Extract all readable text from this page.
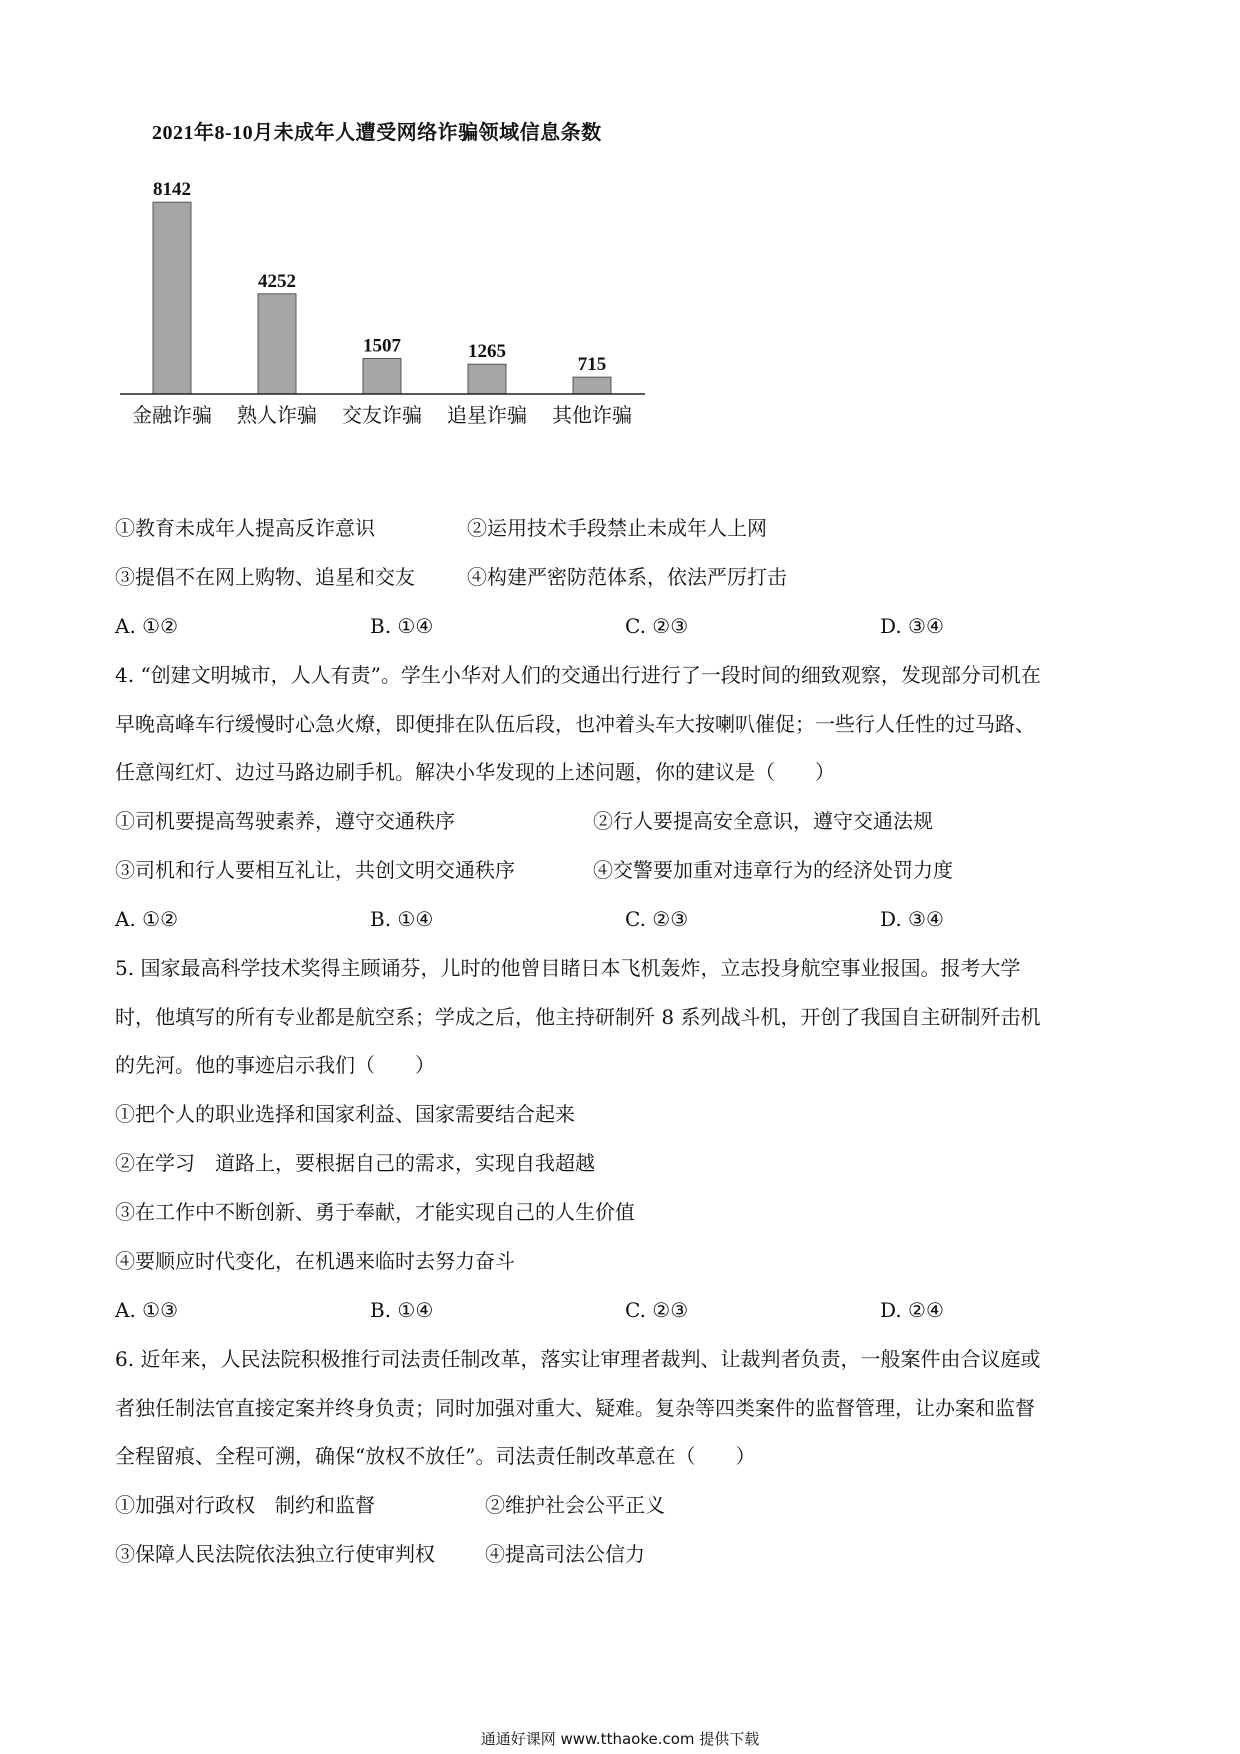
2021年8-10月未成年人遭受网络诈骗领域信息条数
8142
金融诈骗
4252
熟人诈骗
1507
交友诈骗
1265
追星诈骗
715
其他诈骗
①教育未成年人提高反诈意识	②运用技术手段禁止未成年人上网
③提倡不在网上购物、追星和交友	④构建严密防范体系，依法严厉打击
A. ①②	B. ①④	C. ②③	D. ③④
4. “创建文明城市，人人有责”。学生小华对人们的交通出行进行了一段时间的细致观察，发现部分司机在
早晚高峰车行缓慢时心急火燎，即便排在队伍后段，也冲着头车大按喇叭催促；一些行人任性的过马路、
任意闯红灯、边过马路边刷手机。解决小华发现的上述问题，你的建议是（　　）
①司机要提高驾驶素养，遵守交通秩序	②行人要提高安全意识，遵守交通法规
③司机和行人要相互礼让，共创文明交通秩序	④交警要加重对违章行为的经济处罚力度
A. ①②	B. ①④	C. ②③	D. ③④
5. 国家最高科学技术奖得主顾诵芬，儿时的他曾目睹日本飞机轰炸，立志投身航空事业报国。报考大学
时，他填写的所有专业都是航空系；学成之后，他主持研制歼 8 系列战斗机，开创了我国自主研制歼击机
的先河。他的事迹启示我们（　　）
①把个人的职业选择和国家利益、国家需要结合起来
②在学习　道路上，要根据自己的需求，实现自我超越
③在工作中不断创新、勇于奉献，才能实现自己的人生价值
④要顺应时代变化，在机遇来临时去努力奋斗
A. ①③	B. ①④	C. ②③	D. ②④
6. 近年来，人民法院积极推行司法责任制改革，落实让审理者裁判、让裁判者负责，一般案件由合议庭或
者独任制法官直接定案并终身负责；同时加强对重大、疑难。复杂等四类案件的监督管理，让办案和监督
全程留痕、全程可溯，确保“放权不放任”。司法责任制改革意在（　　）
①加强对行政权　制约和监督	②维护社会公平正义
③保障人民法院依法独立行使审判权	④提高司法公信力
通通好课网 www.tthaoke.com 提供下载
